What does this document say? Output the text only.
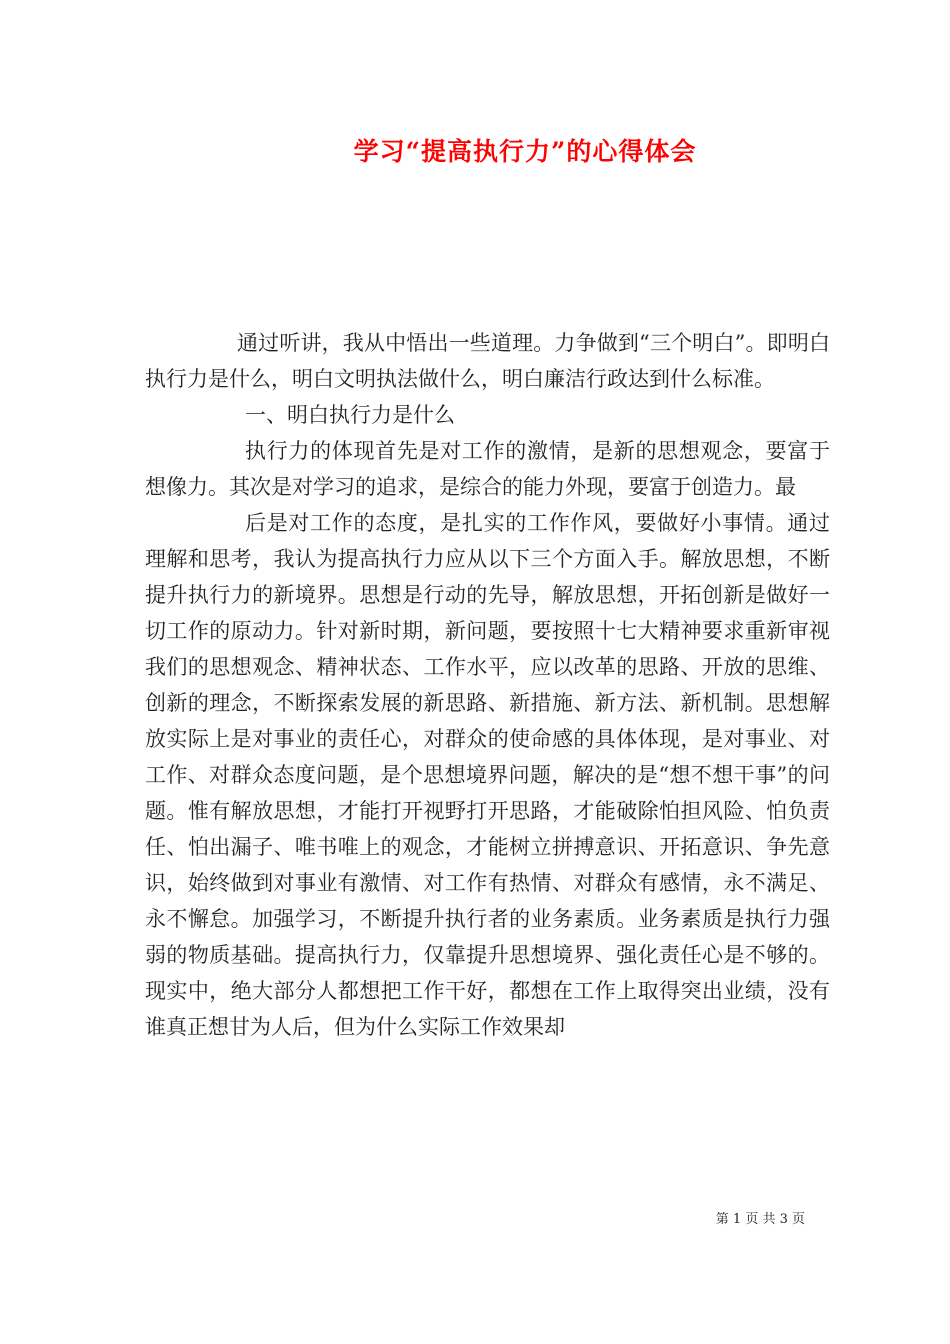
学习“提高执行力”的心得体会

通过听讲，我从中悟出一些道理。力争做到“三个明白”。即明白执行力是什么，明白文明执法做什么，明白廉洁行政达到什么标准。

一、明白执行力是什么

执行力的体现首先是对工作的激情，是新的思想观念，要富于想像力。其次是对学习的追求，是综合的能力外现，要富于创造力。最

后是对工作的态度，是扎实的工作作风，要做好小事情。通过理解和思考，我认为提高执行力应从以下三个方面入手。解放思想，不断提升执行力的新境界。思想是行动的先导，解放思想，开拓创新是做好一切工作的原动力。针对新时期，新问题，要按照十七大精神要求重新审视我们的思想观念、精神状态、工作水平，应以改革的思路、开放的思维、创新的理念，不断探索发展的新思路、新措施、新方法、新机制。思想解放实际上是对事业的责任心，对群众的使命感的具体体现，是对事业、对工作、对群众态度问题，是个思想境界问题，解决的是“想不想干事”的问题。惟有解放思想，才能打开视野打开思路，才能破除怕担风险、怕负责任、怕出漏子、唯书唯上的观念，才能树立拼搏意识、开拓意识、争先意识，始终做到对事业有激情、对工作有热情、对群众有感情，永不满足、永不懈怠。加强学习，不断提升执行者的业务素质。业务素质是执行力强弱的物质基础。提高执行力，仅靠提升思想境界、强化责任心是不够的。现实中，绝大部分人都想把工作干好，都想在工作上取得突出业绩，没有谁真正想甘为人后，但为什么实际工作效果却

第 1 页 共 3 页
